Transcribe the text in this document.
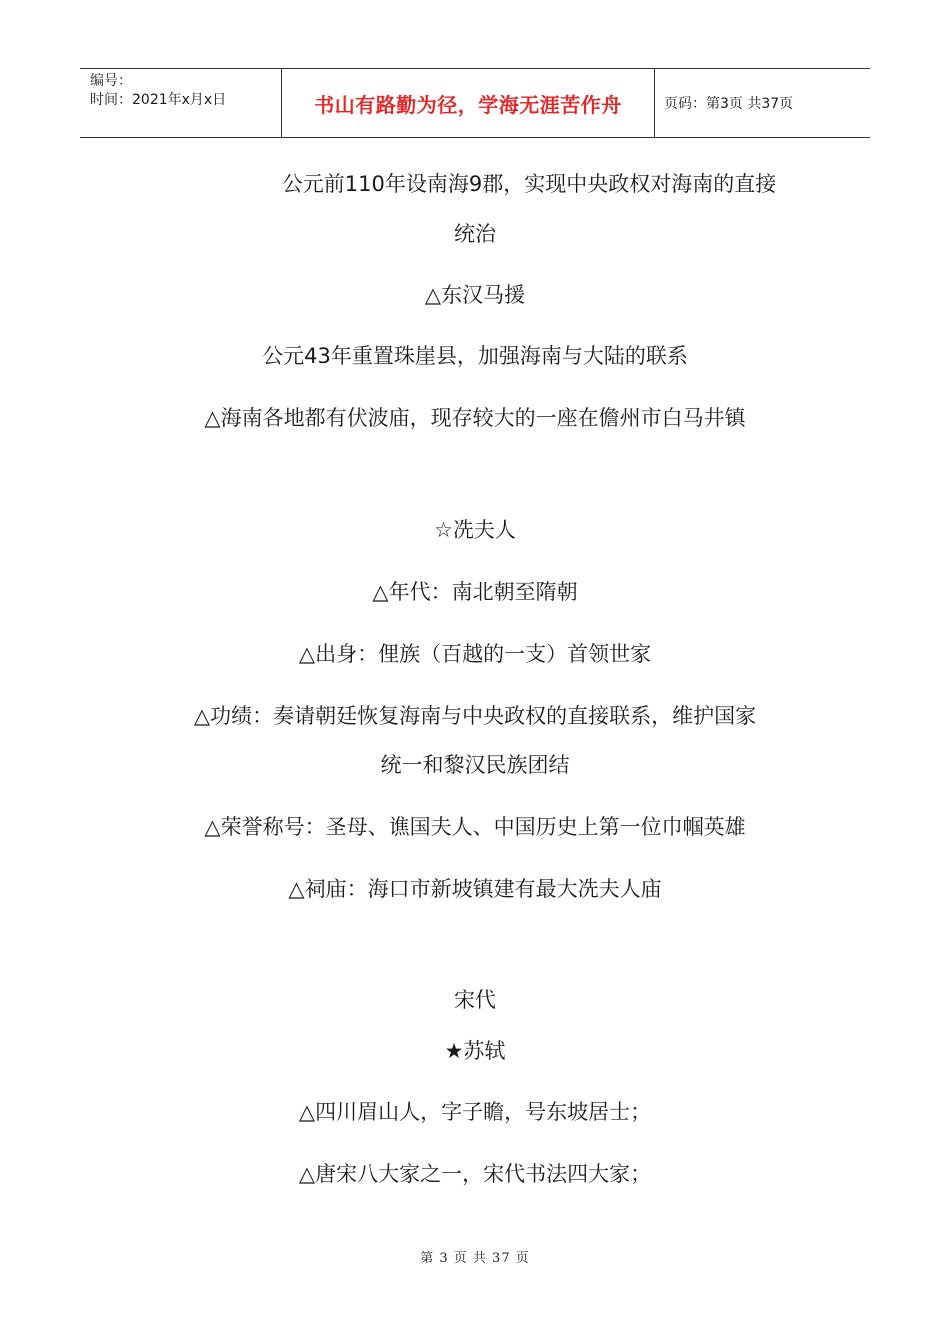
编号：
时间：2021年x月x日	书山有路勤为径，学海无涯苦作舟	页码：第3页 共37页
公元前110年设南海9郡，实现中央政权对海南的直接
统治
△东汉马援
公元43年重置珠崖县，加强海南与大陆的联系
△海南各地都有伏波庙，现存较大的一座在儋州市白马井镇
☆冼夫人
△年代：南北朝至隋朝
△出身：俚族（百越的一支）首领世家
△功绩：奏请朝廷恢复海南与中央政权的直接联系，维护国家
统一和黎汉民族团结
△荣誉称号：圣母、谯国夫人、中国历史上第一位巾帼英雄
△祠庙：海口市新坡镇建有最大冼夫人庙
宋代
★苏轼
△四川眉山人，字子瞻，号东坡居士；
△唐宋八大家之一，宋代书法四大家；
第 3 页 共 37 页
